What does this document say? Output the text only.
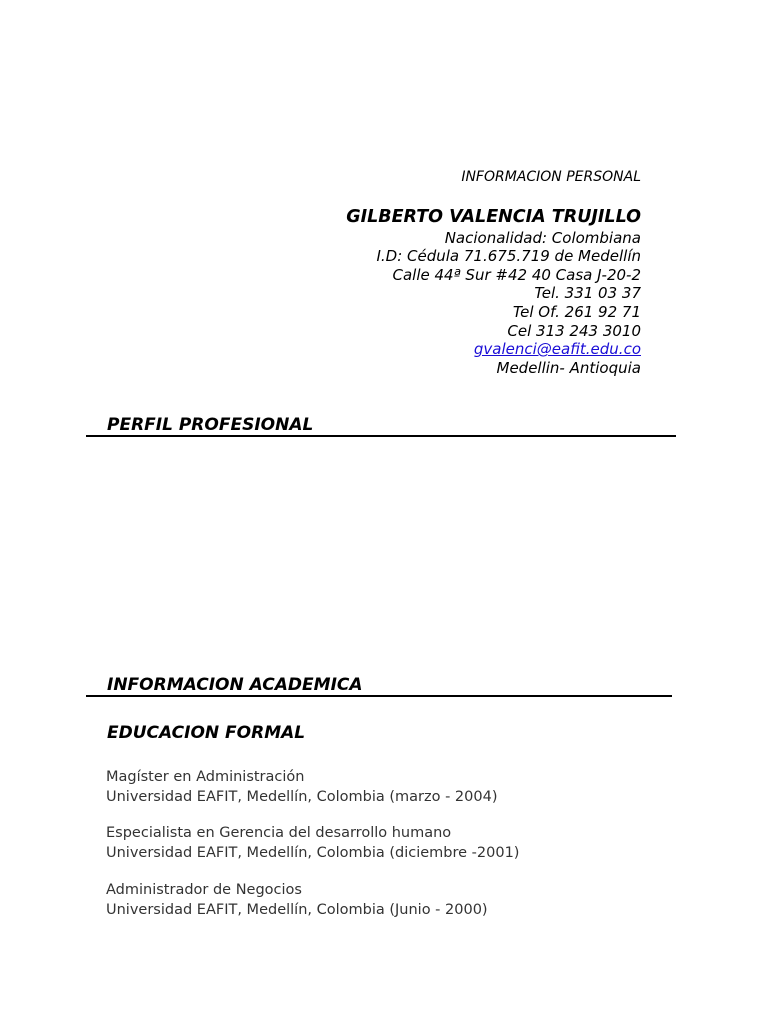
INFORMACION PERSONAL
GILBERTO VALENCIA TRUJILLO
Nacionalidad: Colombiana
I.D: Cédula 71.675.719 de Medellín
Calle 44ª Sur #42 40 Casa J-20-2
Tel. 331 03 37
Tel Of. 261 92 71
Cel 313 243 3010
gvalenci@eafit.edu.co
Medellin- Antioquia
PERFIL PROFESIONAL
INFORMACION ACADEMICA
EDUCACION FORMAL
Magíster en Administración
Universidad EAFIT, Medellín, Colombia (marzo - 2004)
Especialista en Gerencia del desarrollo humano
Universidad EAFIT, Medellín, Colombia (diciembre -2001)
Administrador de Negocios
Universidad EAFIT, Medellín, Colombia (Junio - 2000)
